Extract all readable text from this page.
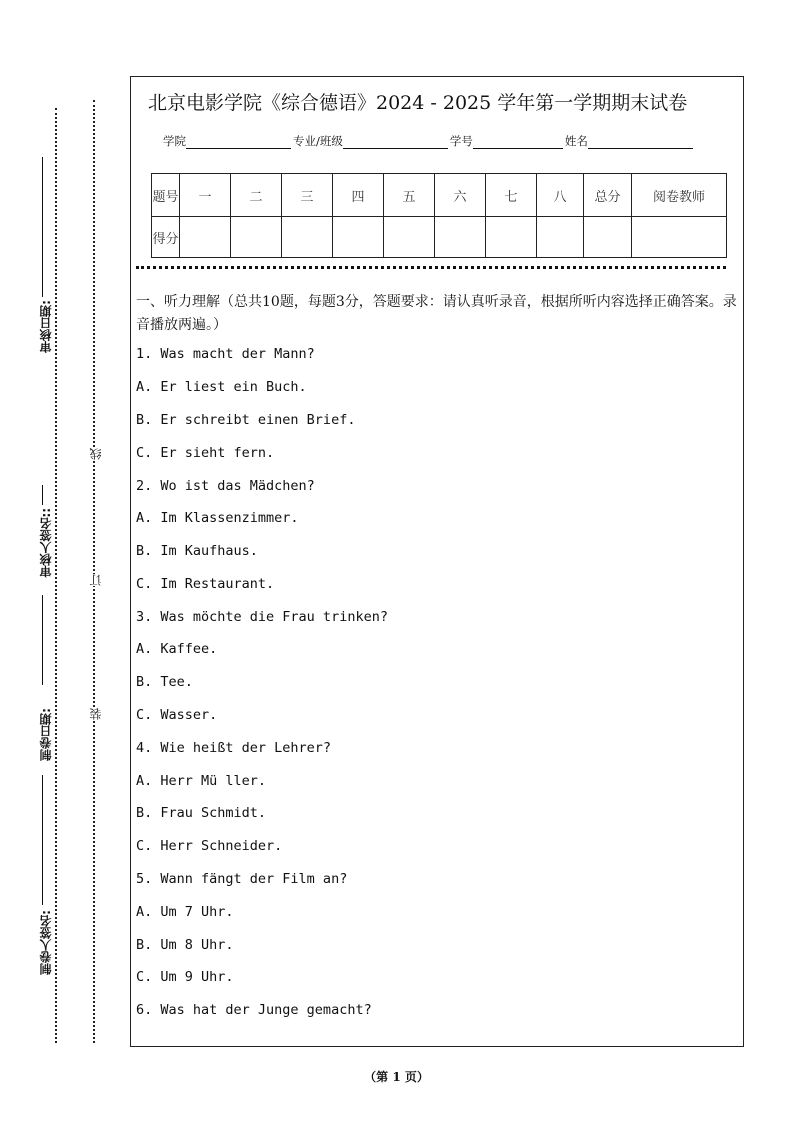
审核日期:
审核人签名::
制卷日期:
制卷人签名:
线
订
装
北京电影学院《综合德语》2024 - 2025 学年第一学期期末试卷
学院	专业/班级	学号	姓名
题号	一	二	三	四	五	六	七	八	总分	阅卷教师
得分										
一、听力理解（总共10题，每题3分，答题要求：请认真听录音，根据所听内容选择正确答案。录音播放两遍。）
1. Was macht der Mann?
A. Er liest ein Buch.
B. Er schreibt einen Brief.
C. Er sieht fern.
2. Wo ist das Mädchen?
A. Im Klassenzimmer.
B. Im Kaufhaus.
C. Im Restaurant.
3. Was möchte die Frau trinken?
A. Kaffee.
B. Tee.
C. Wasser.
4. Wie heißt der Lehrer?
A. Herr Mü ller.
B. Frau Schmidt.
C. Herr Schneider.
5. Wann fängt der Film an?
A. Um 7 Uhr.
B. Um 8 Uhr.
C. Um 9 Uhr.
6. Was hat der Junge gemacht?
（第 1 页）
